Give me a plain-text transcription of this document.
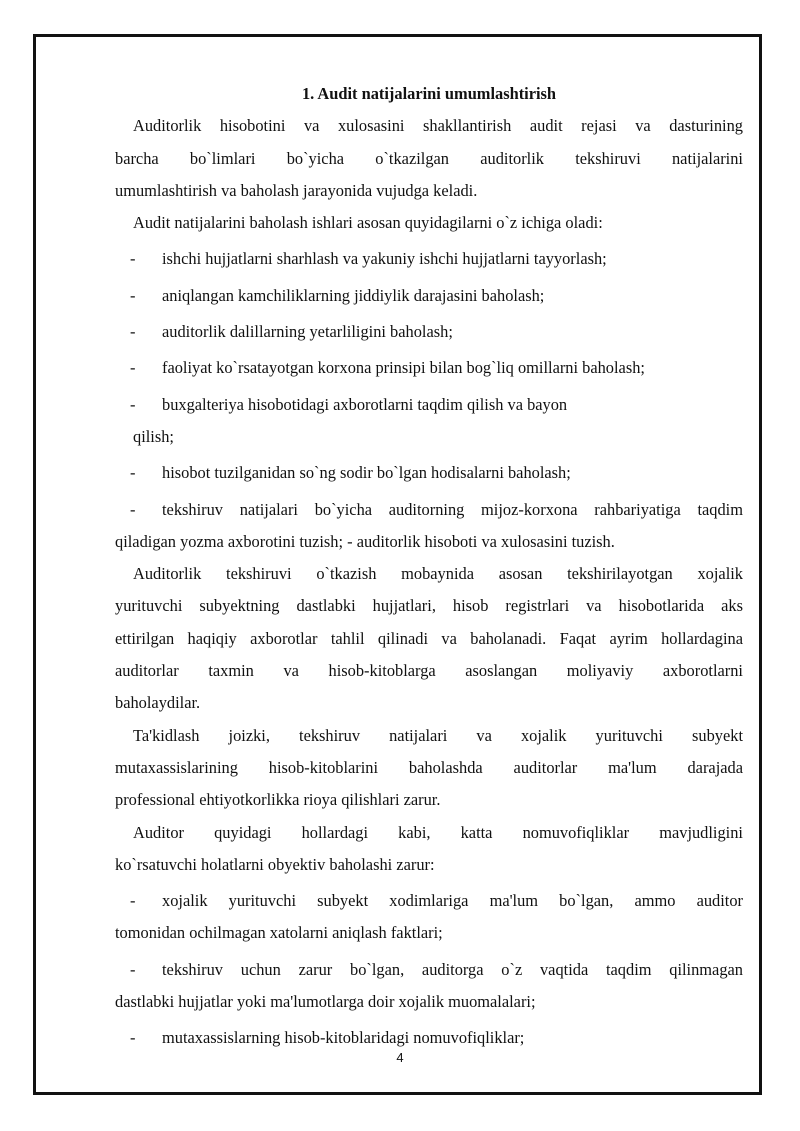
1. Audit natijalarini umumlashtirish

Auditorlik hisobotini va xulosasini shakllantirish audit rejasi va dasturining

barcha bo`limlari bo`yicha o`tkazilgan auditorlik tekshiruvi natijalarini

umumlashtirish va baholash jarayonida vujudga keladi.

Audit natijalarini baholash ishlari asosan quyidagilarni o`z ichiga oladi:

- ishchi hujjatlarni sharhlash va yakuniy ishchi hujjatlarni tayyorlash;

- aniqlangan kamchiliklarning jiddiylik darajasini baholash;

- auditorlik dalillarning yetarliligini baholash;

- faoliyat ko`rsatayotgan korxona prinsipi bilan bog`liq omillarni baholash;

- buxgalteriya hisobotidagi axborotlarni taqdim qilish va bayon

qilish;

- hisobot tuzilganidan so`ng sodir bo`lgan hodisalarni baholash;

- tekshiruv natijalari bo`yicha auditorning mijoz-korxona rahbariyatiga taqdim

qiladigan yozma axborotini tuzish; - auditorlik hisoboti va xulosasini tuzish.

Auditorlik tekshiruvi o`tkazish mobaynida asosan tekshirilayotgan xojalik

yurituvchi subyektning dastlabki hujjatlari, hisob registrlari va hisobotlarida aks

ettirilgan haqiqiy axborotlar tahlil qilinadi va baholanadi. Faqat ayrim hollardagina

auditorlar taxmin va hisob-kitoblarga asoslangan moliyaviy axborotlarni

baholaydilar.

Ta'kidlash joizki, tekshiruv natijalari va xojalik yurituvchi subyekt

mutaxassislarining hisob-kitoblarini baholashda auditorlar ma'lum darajada

professional ehtiyotkorlikka rioya qilishlari zarur.

Auditor quyidagi hollardagi kabi, katta nomuvofiqliklar mavjudligini

ko`rsatuvchi holatlarni obyektiv baholashi zarur:

- xojalik yurituvchi subyekt xodimlariga ma'lum bo`lgan, ammo auditor

tomonidan ochilmagan xatolarni aniqlash faktlari;

- tekshiruv uchun zarur bo`lgan, auditorga o`z vaqtida taqdim qilinmagan

dastlabki hujjatlar yoki ma'lumotlarga doir xojalik muomalalari;

- mutaxassislarning hisob-kitoblaridagi nomuvofiqliklar;

4
